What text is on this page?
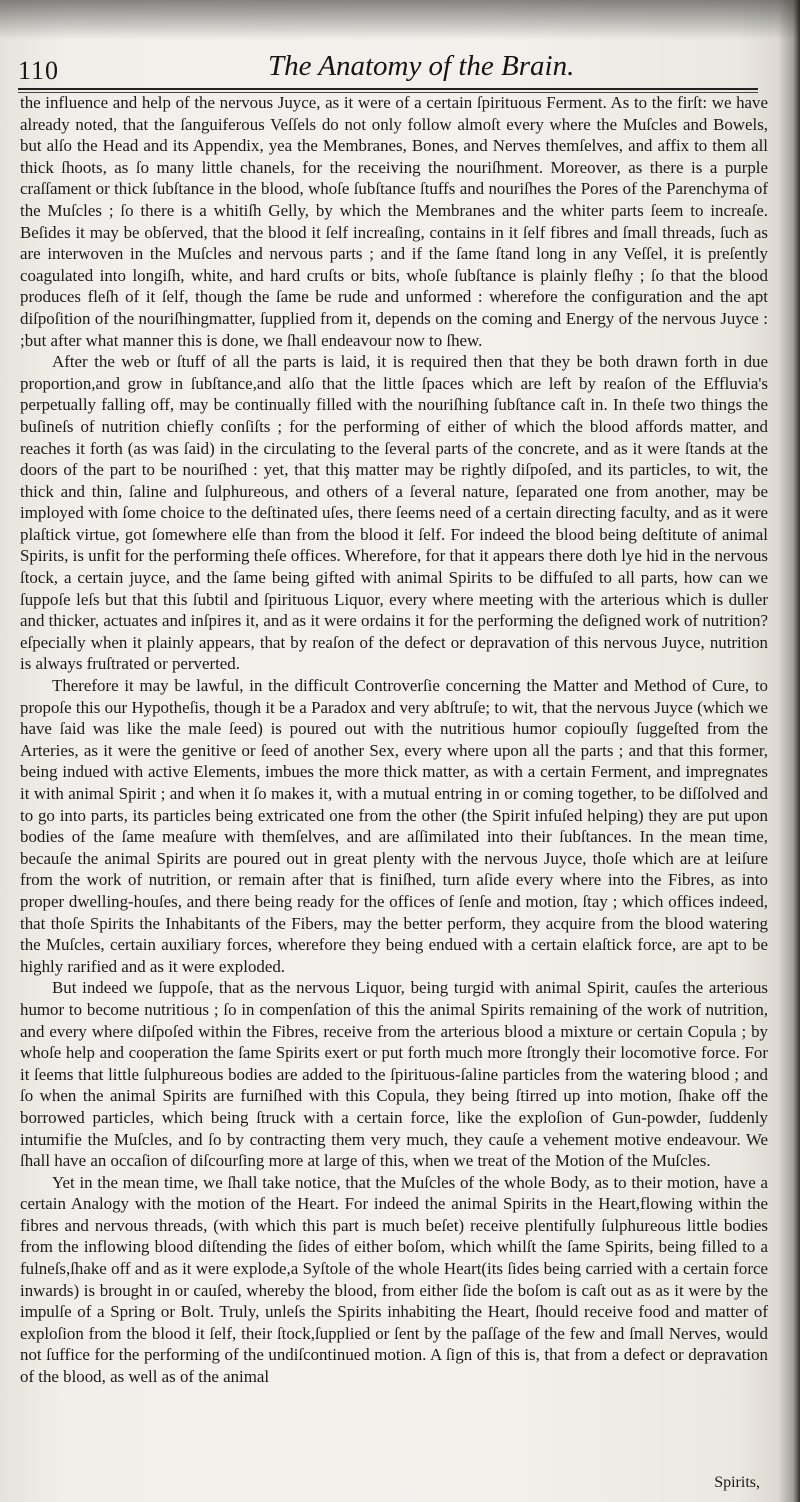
110	The Anatomy of the Brain.

the influence and help of the nervous Juyce, as it were of a certain ſpirituous Ferment. As to the firſt: we have already noted, that the ſanguiferous Veſſels do not only follow almoſt every where the Muſcles and Bowels, but alſo the Head and its Appendix, yea the Membranes, Bones, and Nerves themſelves, and affix to them all thick ſhoots, as ſo many little chanels, for the receiving the nouriſhment. Moreover, as there is a purple craſſament or thick ſubſtance in the blood, whoſe ſubſtance ſtuffs and nouriſhes the Pores of the Parenchyma of the Muſcles ; ſo there is a whitiſh Gelly, by which the Membranes and the whiter parts ſeem to increaſe. Beſides it may be obſerved, that the blood it ſelf increaſing, contains in it ſelf fibres and ſmall threads, ſuch as are interwoven in the Muſcles and nervous parts ; and if the ſame ſtand long in any Veſſel, it is preſently coagulated into longiſh, white, and hard cruſts or bits, whoſe ſubſtance is plainly fleſhy ; ſo that the blood produces fleſh of it ſelf, though the ſame be rude and unformed : wherefore the configuration and the apt diſpoſition of the nouriſhingmatter, ſupplied from it, depends on the coming and Energy of the nervous Juyce : ;but after what manner this is done, we ſhall endeavour now to ſhew.

After the web or ſtuff of all the parts is laid, it is required then that they be both drawn forth in due proportion,and grow in ſubſtance,and alſo that the little ſpaces which are left by reaſon of the Effluvia's perpetually falling off, may be continually filled with the nouriſhing ſubſtance caſt in. In theſe two things the buſineſs of nutrition chiefly conſiſts ; for the performing of either of which the blood affords matter, and reaches it forth (as was ſaid) in the circulating to the ſeveral parts of the concrete, and as it were ſtands at the doors of the part to be nouriſhed : yet, that thiş matter may be rightly diſpoſed, and its particles, to wit, the thick and thin, ſaline and ſulphureous, and others of a ſeveral nature, ſeparated one from another, may be imployed with ſome choice to the deſtinated uſes, there ſeems need of a certain directing faculty, and as it were plaſtick virtue, got ſomewhere elſe than from the blood it ſelf. For indeed the blood being deſtitute of animal Spirits, is unfit for the performing theſe offices. Wherefore, for that it appears there doth lye hid in the nervous ſtock, a certain juyce, and the ſame being gifted with animal Spirits to be diffuſed to all parts, how can we ſuppoſe leſs but that this ſubtil and ſpirituous Liquor, every where meeting with the arterious which is duller and thicker, actuates and inſpires it, and as it were ordains it for the performing the deſigned work of nutrition? eſpecially when it plainly appears, that by reaſon of the defect or depravation of this nervous Juyce, nutrition is always fruſtrated or perverted.

Therefore it may be lawful, in the difficult Controverſie concerning the Matter and Method of Cure, to propoſe this our Hypotheſis, though it be a Paradox and very abſtruſe; to wit, that the nervous Juyce (which we have ſaid was like the male ſeed) is poured out with the nutritious humor copiouſly ſuggeſted from the Arteries, as it were the genitive or ſeed of another Sex, every where upon all the parts ; and that this former, being indued with active Elements, imbues the more thick matter, as with a certain Ferment, and impregnates it with animal Spirit ; and when it ſo makes it, with a mutual entring in or coming together, to be diſſolved and to go into parts, its particles being extricated one from the other (the Spirit infuſed helping) they are put upon bodies of the ſame meaſure with themſelves, and are aſſimilated into their ſubſtances. In the mean time, becauſe the animal Spirits are poured out in great plenty with the nervous Juyce, thoſe which are at leiſure from the work of nutrition, or remain after that is finiſhed, turn aſide every where into the Fibres, as into proper dwelling-houſes, and there being ready for the offices of ſenſe and motion, ſtay ; which offices indeed, that thoſe Spirits the Inhabitants of the Fibers, may the better perform, they acquire from the blood watering the Muſcles, certain auxiliary forces, wherefore they being endued with a certain elaſtick force, are apt to be highly rarified and as it were exploded.

But indeed we ſuppoſe, that as the nervous Liquor, being turgid with animal Spirit, cauſes the arterious humor to become nutritious ; ſo in compenſation of this the animal Spirits remaining of the work of nutrition, and every where diſpoſed within the Fibres, receive from the arterious blood a mixture or certain Copula ; by whoſe help and cooperation the ſame Spirits exert or put forth much more ſtrongly their locomotive force. For it ſeems that little ſulphureous bodies are added to the ſpirituous-ſaline particles from the watering blood ; and ſo when the animal Spirits are furniſhed with this Copula, they being ſtirred up into motion, ſhake off the borrowed particles, which being ſtruck with a certain force, like the exploſion of Gun-powder, ſuddenly intumifie the Muſcles, and ſo by contracting them very much, they cauſe a vehement motive endeavour. We ſhall have an occaſion of diſcourſing more at large of this, when we treat of the Motion of the Muſcles.

Yet in the mean time, we ſhall take notice, that the Muſcles of the whole Body, as to their motion, have a certain Analogy with the motion of the Heart. For indeed the animal Spirits in the Heart,flowing within the fibres and nervous threads, (with which this part is much beſet) receive plentifully ſulphureous little bodies from the inflowing blood diſtending the ſides of either boſom, which whilſt the ſame Spirits, being filled to a fulneſs,ſhake off and as it were explode,a Syſtole of the whole Heart(its ſides being carried with a certain force inwards) is brought in or cauſed, whereby the blood, from either ſide the boſom is caſt out as as it were by the impulſe of a Spring or Bolt. Truly, unleſs the Spirits inhabiting the Heart, ſhould receive food and matter of exploſion from the blood it ſelf, their ſtock,ſupplied or ſent by the paſſage of the few and ſmall Nerves, would not ſuffice for the performing of the undiſcontinued motion. A ſign of this is, that from a defect or depravation of the blood, as well as of the animal

Spirits,
